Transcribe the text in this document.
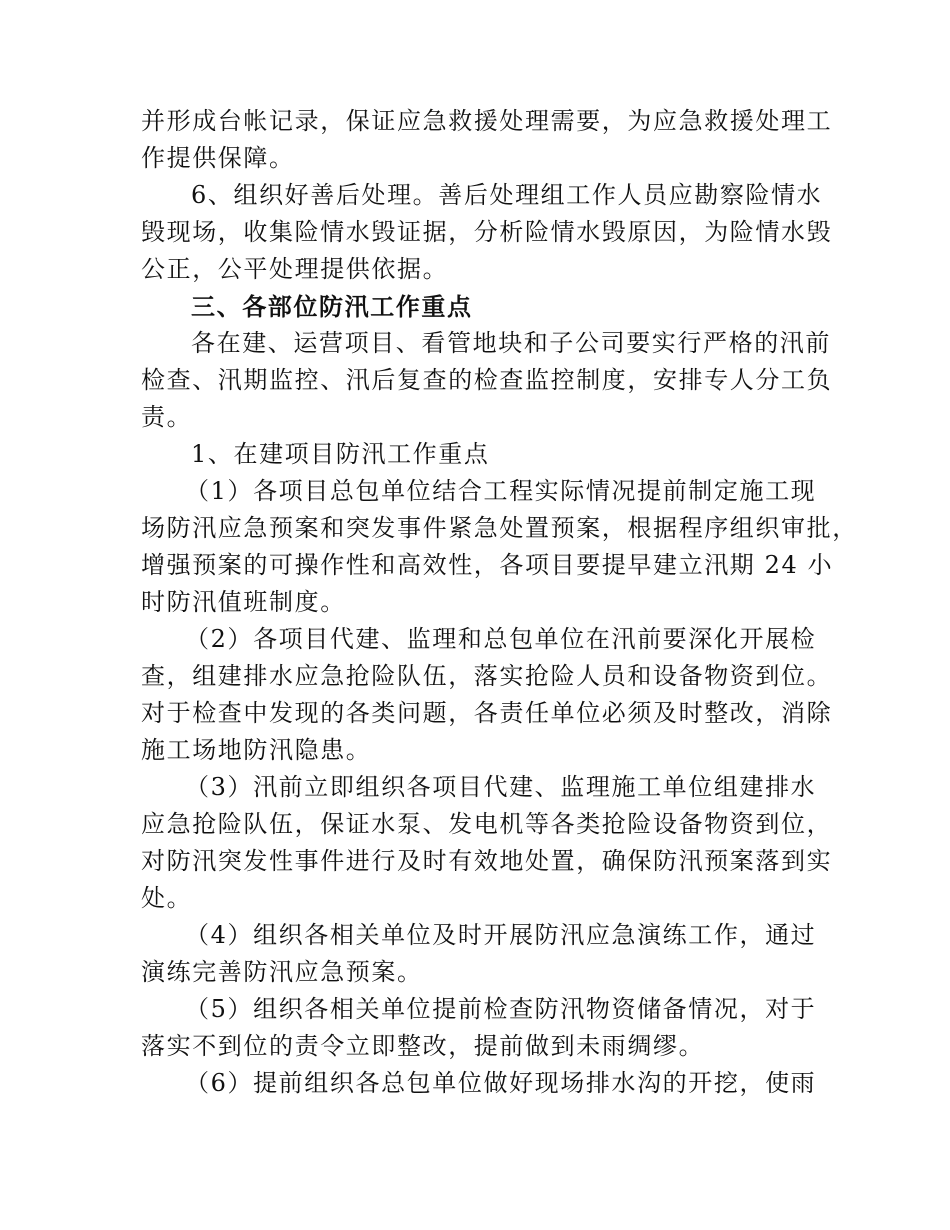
并形成台帐记录，保证应急救援处理需要，为应急救援处理工
作提供保障。
6、组织好善后处理。善后处理组工作人员应勘察险情水
毁现场，收集险情水毁证据，分析险情水毁原因，为险情水毁
公正，公平处理提供依据。
三、各部位防汛工作重点
各在建、运营项目、看管地块和子公司要实行严格的汛前
检查、汛期监控、汛后复查的检查监控制度，安排专人分工负
责。
1、在建项目防汛工作重点
（1）各项目总包单位结合工程实际情况提前制定施工现
场防汛应急预案和突发事件紧急处置预案，根据程序组织审批，
增强预案的可操作性和高效性，各项目要提早建立汛期 24 小
时防汛值班制度。
（2）各项目代建、监理和总包单位在汛前要深化开展检
查，组建排水应急抢险队伍，落实抢险人员和设备物资到位。
对于检查中发现的各类问题，各责任单位必须及时整改，消除
施工场地防汛隐患。
（3）汛前立即组织各项目代建、监理施工单位组建排水
应急抢险队伍，保证水泵、发电机等各类抢险设备物资到位，
对防汛突发性事件进行及时有效地处置，确保防汛预案落到实
处。
（4）组织各相关单位及时开展防汛应急演练工作，通过
演练完善防汛应急预案。
（5）组织各相关单位提前检查防汛物资储备情况，对于
落实不到位的责令立即整改，提前做到未雨绸缪。
（6）提前组织各总包单位做好现场排水沟的开挖，使雨
